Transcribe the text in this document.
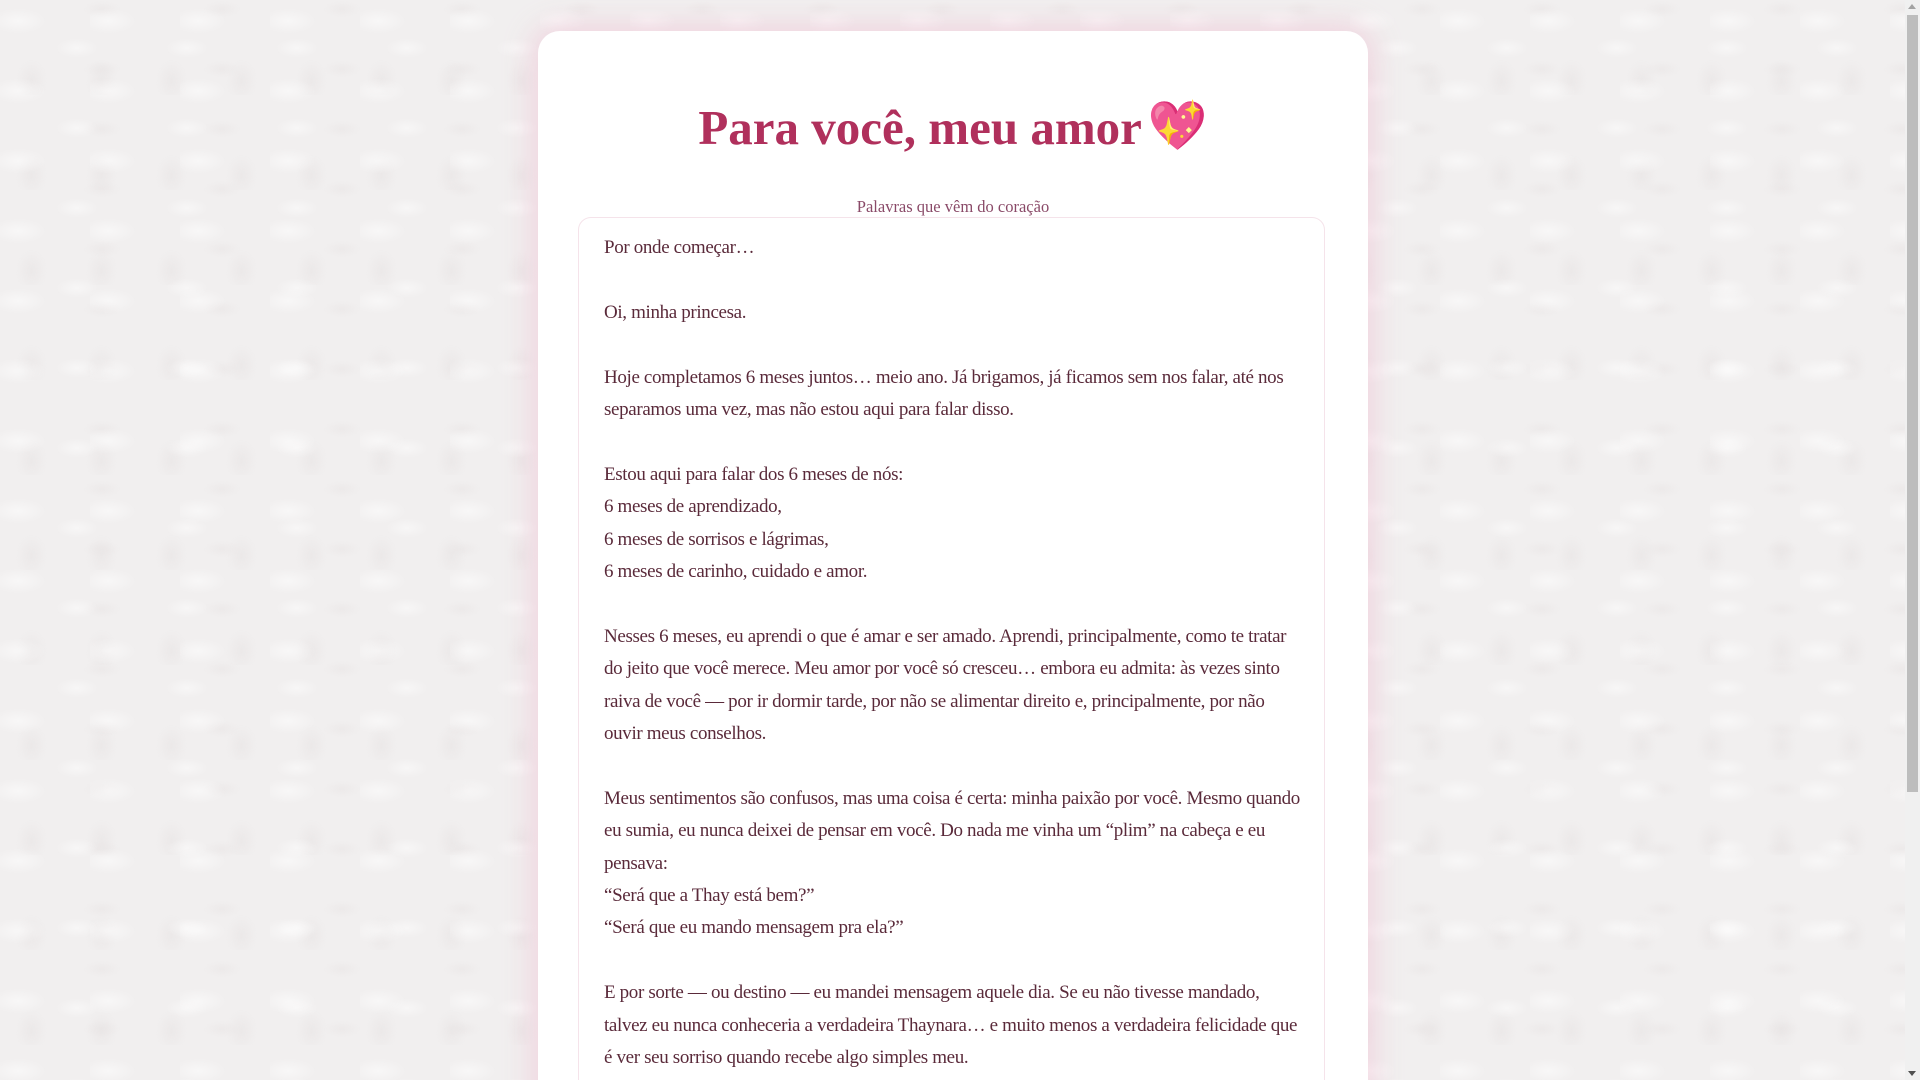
Para você, meu amor 💖

Palavras que vêm do coração

Por onde começar…

Oi, minha princesa.

Hoje completamos 6 meses juntos… meio ano. Já brigamos, já ficamos sem nos falar, até nos separamos uma vez, mas não estou aqui para falar disso.

Estou aqui para falar dos 6 meses de nós:
6 meses de aprendizado,
6 meses de sorrisos e lágrimas,
6 meses de carinho, cuidado e amor.

Nesses 6 meses, eu aprendi o que é amar e ser amado. Aprendi, principalmente, como te tratar do jeito que você merece. Meu amor por você só cresceu… embora eu admita: às vezes sinto raiva de você — por ir dormir tarde, por não se alimentar direito e, principalmente, por não ouvir meus conselhos.

Meus sentimentos são confusos, mas uma coisa é certa: minha paixão por você. Mesmo quando eu sumia, eu nunca deixei de pensar em você. Do nada me vinha um “plim” na cabeça e eu pensava:
“Será que a Thay está bem?”
“Será que eu mando mensagem pra ela?”

E por sorte — ou destino — eu mandei mensagem aquele dia. Se eu não tivesse mandado, talvez eu nunca conheceria a verdadeira Thaynara… e muito menos a verdadeira felicidade que é ver seu sorriso quando recebe algo simples meu.
